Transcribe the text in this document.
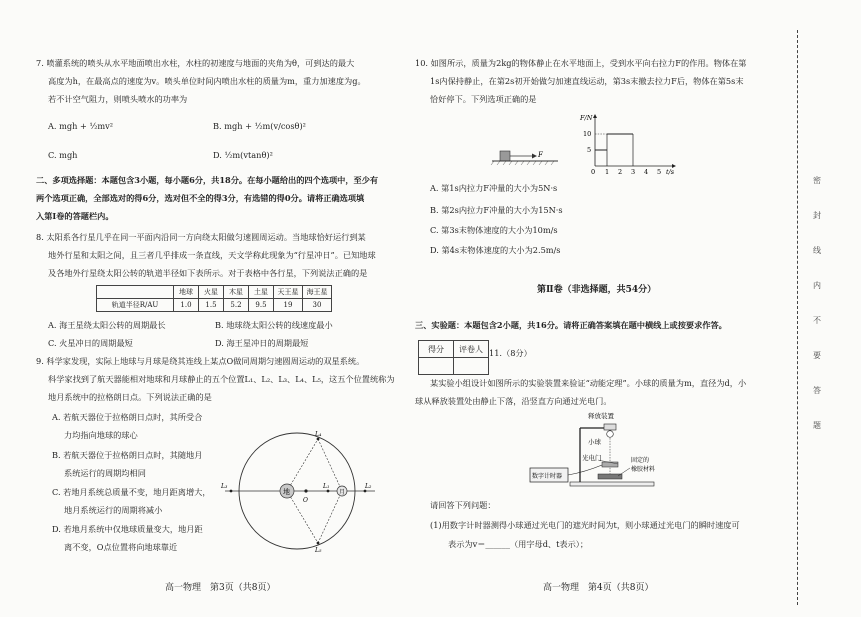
7. 喷灌系统的喷头从水平地面喷出水柱，水柱的初速度与地面的夹角为θ，可到达的最大
高度为h，在最高点的速度为v。喷头单位时间内喷出水柱的质量为m，重力加速度为g。
若不计空气阻力，则喷头喷水的功率为
A. mgh + ½mv²	B. mgh + ½m(v/cosθ)²
C. mgh	D. ½m(vtanθ)²
二、多项选择题：本题包含3小题，每小题6分，共18分。在每小题给出的四个选项中，至少有
两个选项正确，全部选对的得6分，选对但不全的得3分，有选错的得0分。请将正确选项填
入第Ⅰ卷的答题栏内。
8. 太阳系各行星几乎在同一平面内沿同一方向绕太阳做匀速圆周运动。当地球恰好运行到某
地外行星和太阳之间，且三者几乎排成一条直线，天文学称此现象为“行星冲日”。已知地球
及各地外行星绕太阳公转的轨道半径如下表所示。对于表格中各行星，下列说法正确的是
	地球	火星	木星	土星	天王星	海王星
轨道半径R/AU	1.0	1.5	5.2	9.5	19	30
A. 海王星绕太阳公转的周期最长	B. 地球绕太阳公转的线速度最小
C. 火星冲日的周期最短	D. 海王星冲日的周期最短
9. 科学家发现，实际上地球与月球是绕其连线上某点O做同周期匀速圆周运动的双星系统。
科学家找到了航天器能相对地球和月球静止的五个位置L₁、L₂、L₃、L₄、L₅，这五个位置统称为
地月系统中的拉格朗日点。下列说法正确的是
A. 若航天器位于拉格朗日点时，其所受合
力均指向地球的球心
B. 若航天器位于拉格朗日点时，其随地月
系统运行的周期均相同
C. 若地月系统总质量不变，地月距离增大，
地月系统运行的周期将减小
D. 若地月系统中仅地球质量变大，地月距
离不变，O点位置将向地球靠近
地	月
O
L₃	L₁	L₂
L₄
L₅
高一物理　第3页（共8页）
10. 如图所示，质量为2kg的物体静止在水平地面上，受到水平向右拉力F的作用。物体在第
1s内保持静止，在第2s初开始做匀加速直线运动，第3s末撤去拉力F后，物体在第5s末
恰好停下。下列选项正确的是
F
F/N
10
5
0 1 2 3 4 5 t/s
A. 第1s内拉力F冲量的大小为5N·s
B. 第2s内拉力F冲量的大小为15N·s
C. 第3s末物体速度的大小为10m/s
D. 第4s末物体速度的大小为2.5m/s
第Ⅱ卷（非选择题，共54分）
三、实验题：本题包含2小题，共16分。请将正确答案填在题中横线上或按要求作答。
得分	评卷人
	11.（8分）
某实验小组设计如图所示的实验装置来验证“动能定理”。小球的质量为m，直径为d，小
球从释放装置处由静止下落，沿竖直方向通过光电门。
释放装置
小球
光电门
数字计时器
固定的
橡胶材料
请回答下列问题：
(1)用数字计时器测得小球通过光电门的遮光时间为t，则小球通过光电门的瞬时速度可
表示为v＝______（用字母d、t表示）；
高一物理　第4页（共8页）
密
封
线
内
不
要
答
题
